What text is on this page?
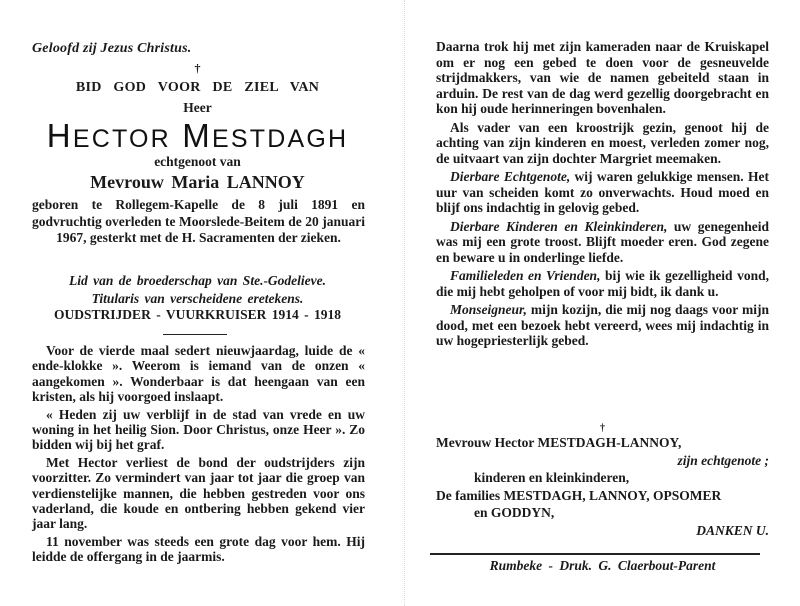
Geloofd zij Jezus Christus.
†
BID GOD VOOR DE ZIEL VAN
Heer
HECTOR MESTDAGH
echtgenoot van
Mevrouw Maria LANNOY

geboren te Rollegem-Kapelle de 8 juli 1891 en godvruchtig overleden te Moorslede-Beitem de 20 januari 1967, gesterkt met de H. Sacramenten der zieken.

Lid van de broederschap van Ste.-Godelieve.
Titularis van verscheidene eretekens.
OUDSTRIJDER - VUURKRUISER 1914 - 1918

Voor de vierde maal sedert nieuwjaardag, luide de « ende-klokke ». Weerom is iemand van de onzen « aangekomen ». Wonderbaar is dat heengaan van een kristen, als hij voorgoed inslaapt.

« Heden zij uw verblijf in de stad van vrede en uw woning in het heilig Sion. Door Christus, onze Heer ». Zo bidden wij bij het graf.

Met Hector verliest de bond der oudstrijders zijn voorzitter. Zo vermindert van jaar tot jaar die groep van verdienstelijke mannen, die hebben gestreden voor ons vaderland, die koude en ontbering hebben gekend vier jaar lang.

11 november was steeds een grote dag voor hem. Hij leidde de offergang in de jaarmis.

Daarna trok hij met zijn kameraden naar de Kruiskapel om er nog een gebed te doen voor de gesneuvelde strijdmakkers, van wie de namen gebeiteld staan in arduin. De rest van de dag werd gezellig doorgebracht en kon hij oude herinneringen bovenhalen.

Als vader van een kroostrijk gezin, genoot hij de achting van zijn kinderen en moest, verleden zomer nog, de uitvaart van zijn dochter Margriet meemaken.

Dierbare Echtgenote, wij waren gelukkige mensen. Het uur van scheiden komt zo onverwachts. Houd moed en blijf ons indachtig in gelovig gebed.

Dierbare Kinderen en Kleinkinderen, uw genegenheid was mij een grote troost. Blijft moeder eren. God zegene en beware u in onderlinge liefde.

Familieleden en Vrienden, bij wie ik gezelligheid vond, die mij hebt geholpen of voor mij bidt, ik dank u.

Monseigneur, mijn kozijn, die mij nog daags voor mijn dood, met een bezoek hebt vereerd, wees mij indachtig in uw hogepriesterlijk gebed.

†
Mevrouw Hector MESTDAGH-LANNOY,
zijn echtgenote ;
kinderen en kleinkinderen,
De families MESTDAGH, LANNOY, OPSOMER
en GODDYN,
DANKEN U.
Rumbeke - Druk. G. Claerbout-Parent
